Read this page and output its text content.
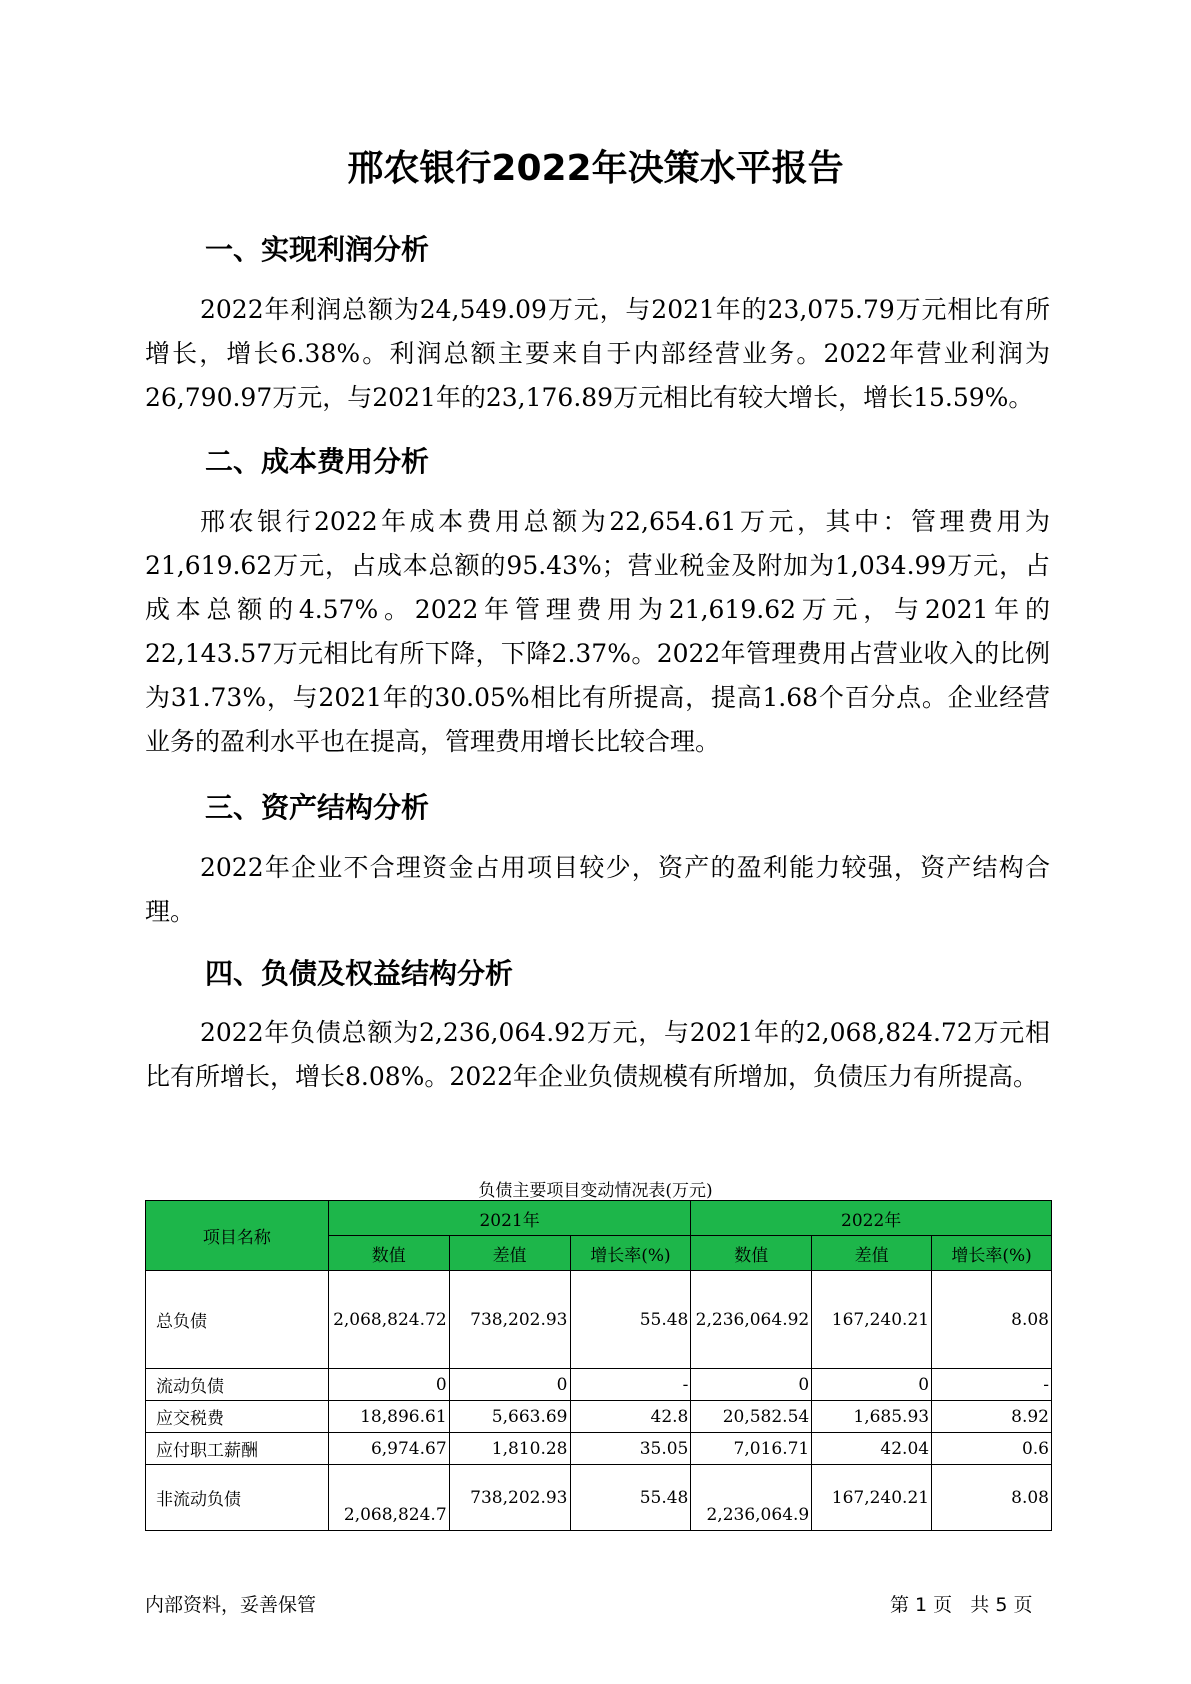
邢农银行2022年决策水平报告
一、实现利润分析

2022年利润总额为24,549.09万元，与2021年的23,075.79万元相比有所增长，增长6.38%。利润总额主要来自于内部经营业务。2022年营业利润为26,790.97万元，与2021年的23,176.89万元相比有较大增长，增长15.59%。

二、成本费用分析

邢农银行2022年成本费用总额为22,654.61万元，其中：管理费用为21,619.62万元，占成本总额的95.43%；营业税金及附加为1,034.99万元，占成本总额的4.57%。2022年管理费用为21,619.62万元，与2021年的22,143.57万元相比有所下降，下降2.37%。2022年管理费用占营业收入的比例为31.73%，与2021年的30.05%相比有所提高，提高1.68个百分点。企业经营业务的盈利水平也在提高，管理费用增长比较合理。

三、资产结构分析

2022年企业不合理资金占用项目较少，资产的盈利能力较强，资产结构合理。

四、负债及权益结构分析

2022年负债总额为2,236,064.92万元，与2021年的2,068,824.72万元相比有所增长，增长8.08%。2022年企业负债规模有所增加，负债压力有所提高。

负债主要项目变动情况表(万元)

项目名称	2021年			2022年		
	数值	差值	增长率(%)	数值	差值	增长率(%)
总负债	2,068,824.72	738,202.93	55.48	2,236,064.92	167,240.21	8.08
流动负债	0	0	-	0	0	-
应交税费	18,896.61	5,663.69	42.8	20,582.54	1,685.93	8.92
应付职工薪酬	6,974.67	1,810.28	35.05	7,016.71	42.04	0.6
非流动负债	2,068,824.7	738,202.93	55.48	2,236,064.9	167,240.21	8.08
内部资料，妥善保管	第 1 页   共 5 页
